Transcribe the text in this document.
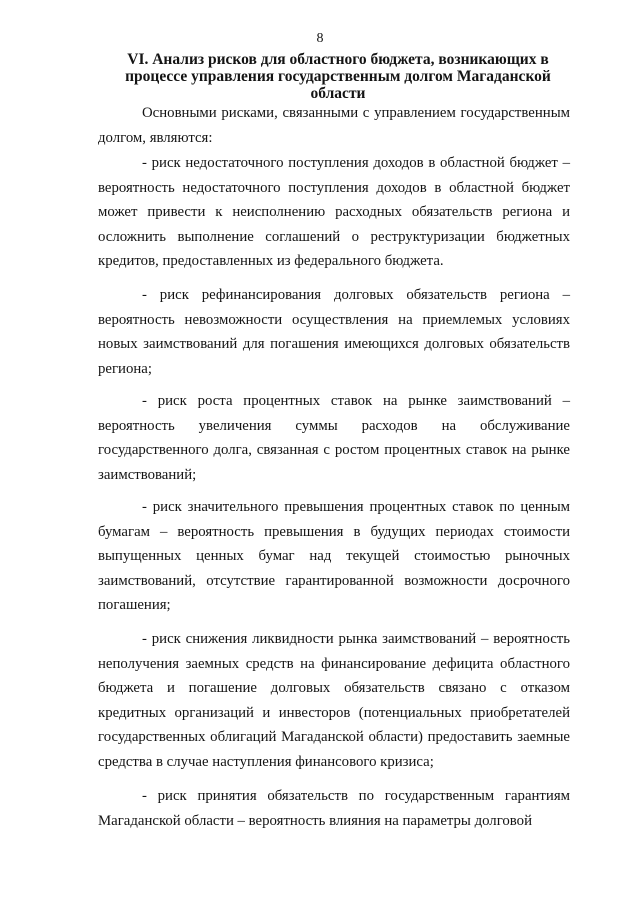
8
VI. Анализ рисков для областного бюджета, возникающих в процессе управления государственным долгом Магаданской области

Основными рисками, связанными с управлением государственным долгом, являются:

- риск недостаточного поступления доходов в областной бюджет – вероятность недостаточного поступления доходов в областной бюджет может привести к неисполнению расходных обязательств региона и осложнить выполнение соглашений о реструктуризации бюджетных кредитов, предоставленных из федерального бюджета.

- риск рефинансирования долговых обязательств региона – вероятность невозможности осуществления на приемлемых условиях новых заимствований для погашения имеющихся долговых обязательств региона;

- риск роста процентных ставок на рынке заимствований – вероятность увеличения суммы расходов на обслуживание государственного долга, связанная с ростом процентных ставок на рынке заимствований;

- риск значительного превышения процентных ставок по ценным бумагам – вероятность превышения в будущих периодах стоимости выпущенных ценных бумаг над текущей стоимостью рыночных заимствований, отсутствие гарантированной возможности досрочного погашения;

- риск снижения ликвидности рынка заимствований – вероятность неполучения заемных средств на финансирование дефицита областного бюджета и погашение долговых обязательств связано с отказом кредитных организаций и инвесторов (потенциальных приобретателей государственных облигаций Магаданской области) предоставить заемные средства в случае наступления финансового кризиса;

- риск принятия обязательств по государственным гарантиям Магаданской области – вероятность влияния на параметры долговой
